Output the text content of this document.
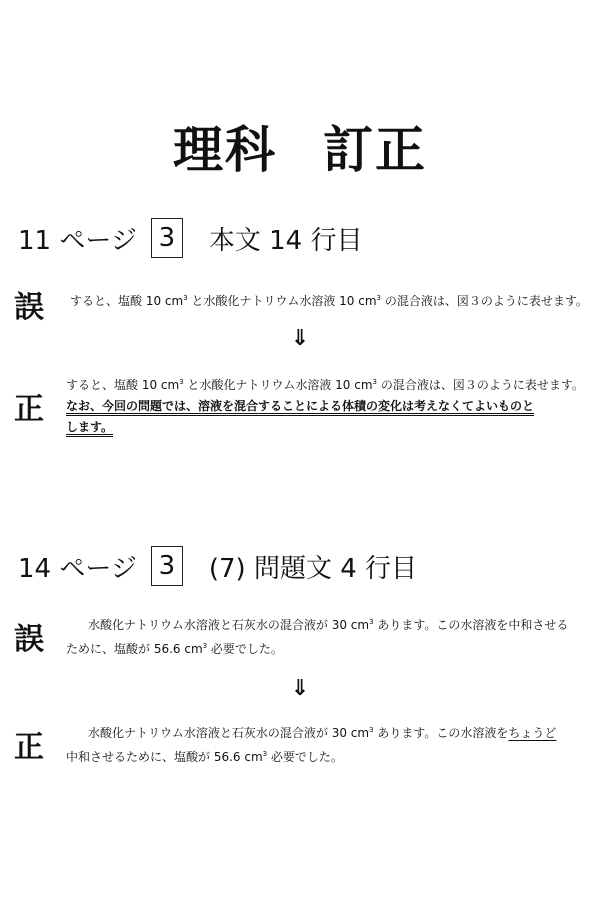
理科 訂正
11 ページ 3 本文 14 行目
誤 すると、塩酸 10 $cm^3$ と水酸化ナトリウム水溶液 10 $cm^3$ の混合液は、図３のように表せます。
⇓
正
すると、塩酸 10 $cm^3$ と水酸化ナトリウム水溶液 10 $cm^3$ の混合液は、図３のように表せます。
なお、今回の問題では、溶液を混合することによる体積の変化は考えなくてよいものと
します。
14 ページ 3 (7) 問題文 4 行目
誤	水酸化ナトリウム水溶液と石灰水の混合液が 30 $cm^3$ あります。この水溶液を中和させる
ために、塩酸が 56.6 $cm^3$ 必要でした。
⇓
正	水酸化ナトリウム水溶液と石灰水の混合液が 30 $cm^3$ あります。この水溶液をちょうど
中和させるために、塩酸が 56.6 $cm^3$ 必要でした。
